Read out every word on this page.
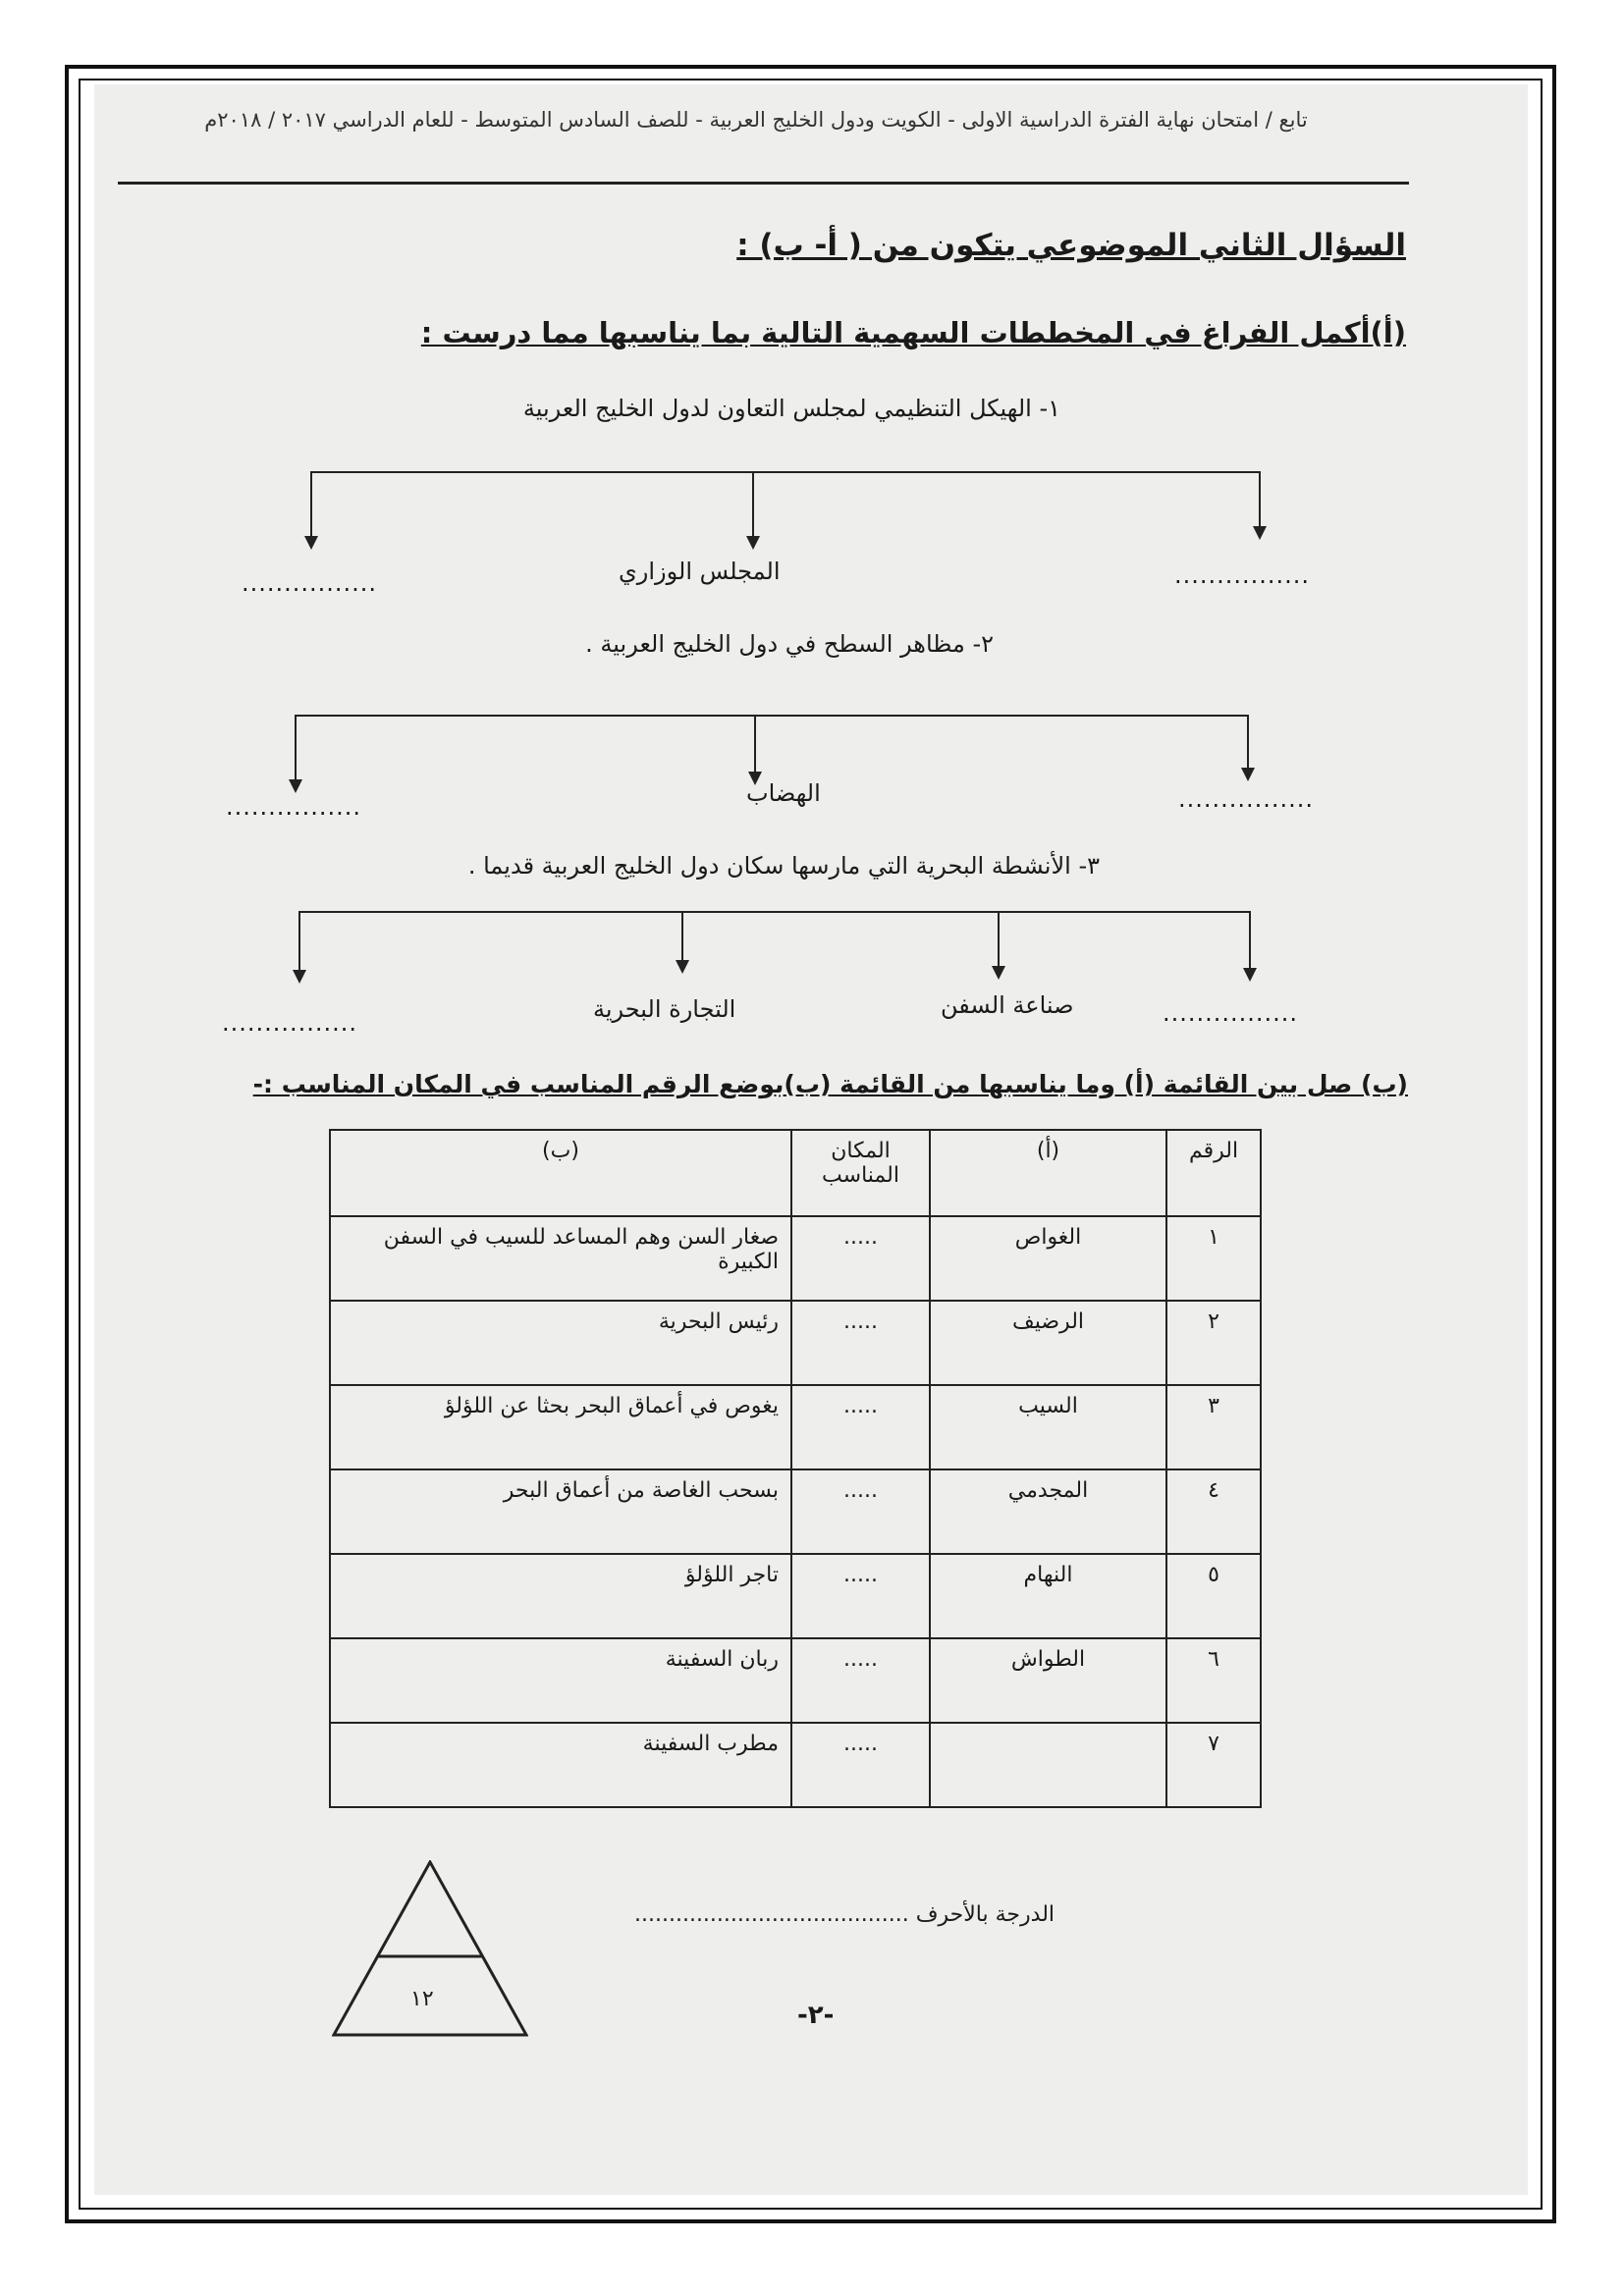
تابع / امتحان نهاية الفترة الدراسية الاولى - الكويت ودول الخليج العربية - للصف السادس المتوسط - للعام الدراسي ٢٠١٧ / ٢٠١٨م
السؤال الثاني الموضوعي يتكون من ( أ- ب) :
(أ)أكمل الفراغ في المخططات السهمية التالية بما يناسبها مما درست :
١- الهيكل التنظيمي لمجلس التعاون لدول الخليج العربية
................	المجلس الوزاري	................
٢- مظاهر السطح في دول الخليج العربية .
................	الهضاب	................
٣- الأنشطة البحرية التي مارسها سكان دول الخليج العربية قديما .
................
صناعة السفن
التجارة البحرية	................
(ب) صل بين القائمة (أ) وما يناسبها من القائمة (ب)بوضع الرقم المناسب في المكان المناسب :-
الرقم	(أ)	المكان المناسب	(ب)
١	الغواص	.....	صغار السن وهم المساعد للسيب في السفن الكبيرة
٢	الرضيف	.....	رئيس البحرية
٣	السيب	.....	يغوص في أعماق البحر بحثا عن اللؤلؤ
٤	المجدمي	.....	بسحب الغاصة من أعماق البحر
٥	النهام	.....	تاجر اللؤلؤ
٦	الطواش	.....	ربان السفينة
٧		.....	مطرب السفينة
الدرجة بالأحرف ........................................
-٢-
١٢
